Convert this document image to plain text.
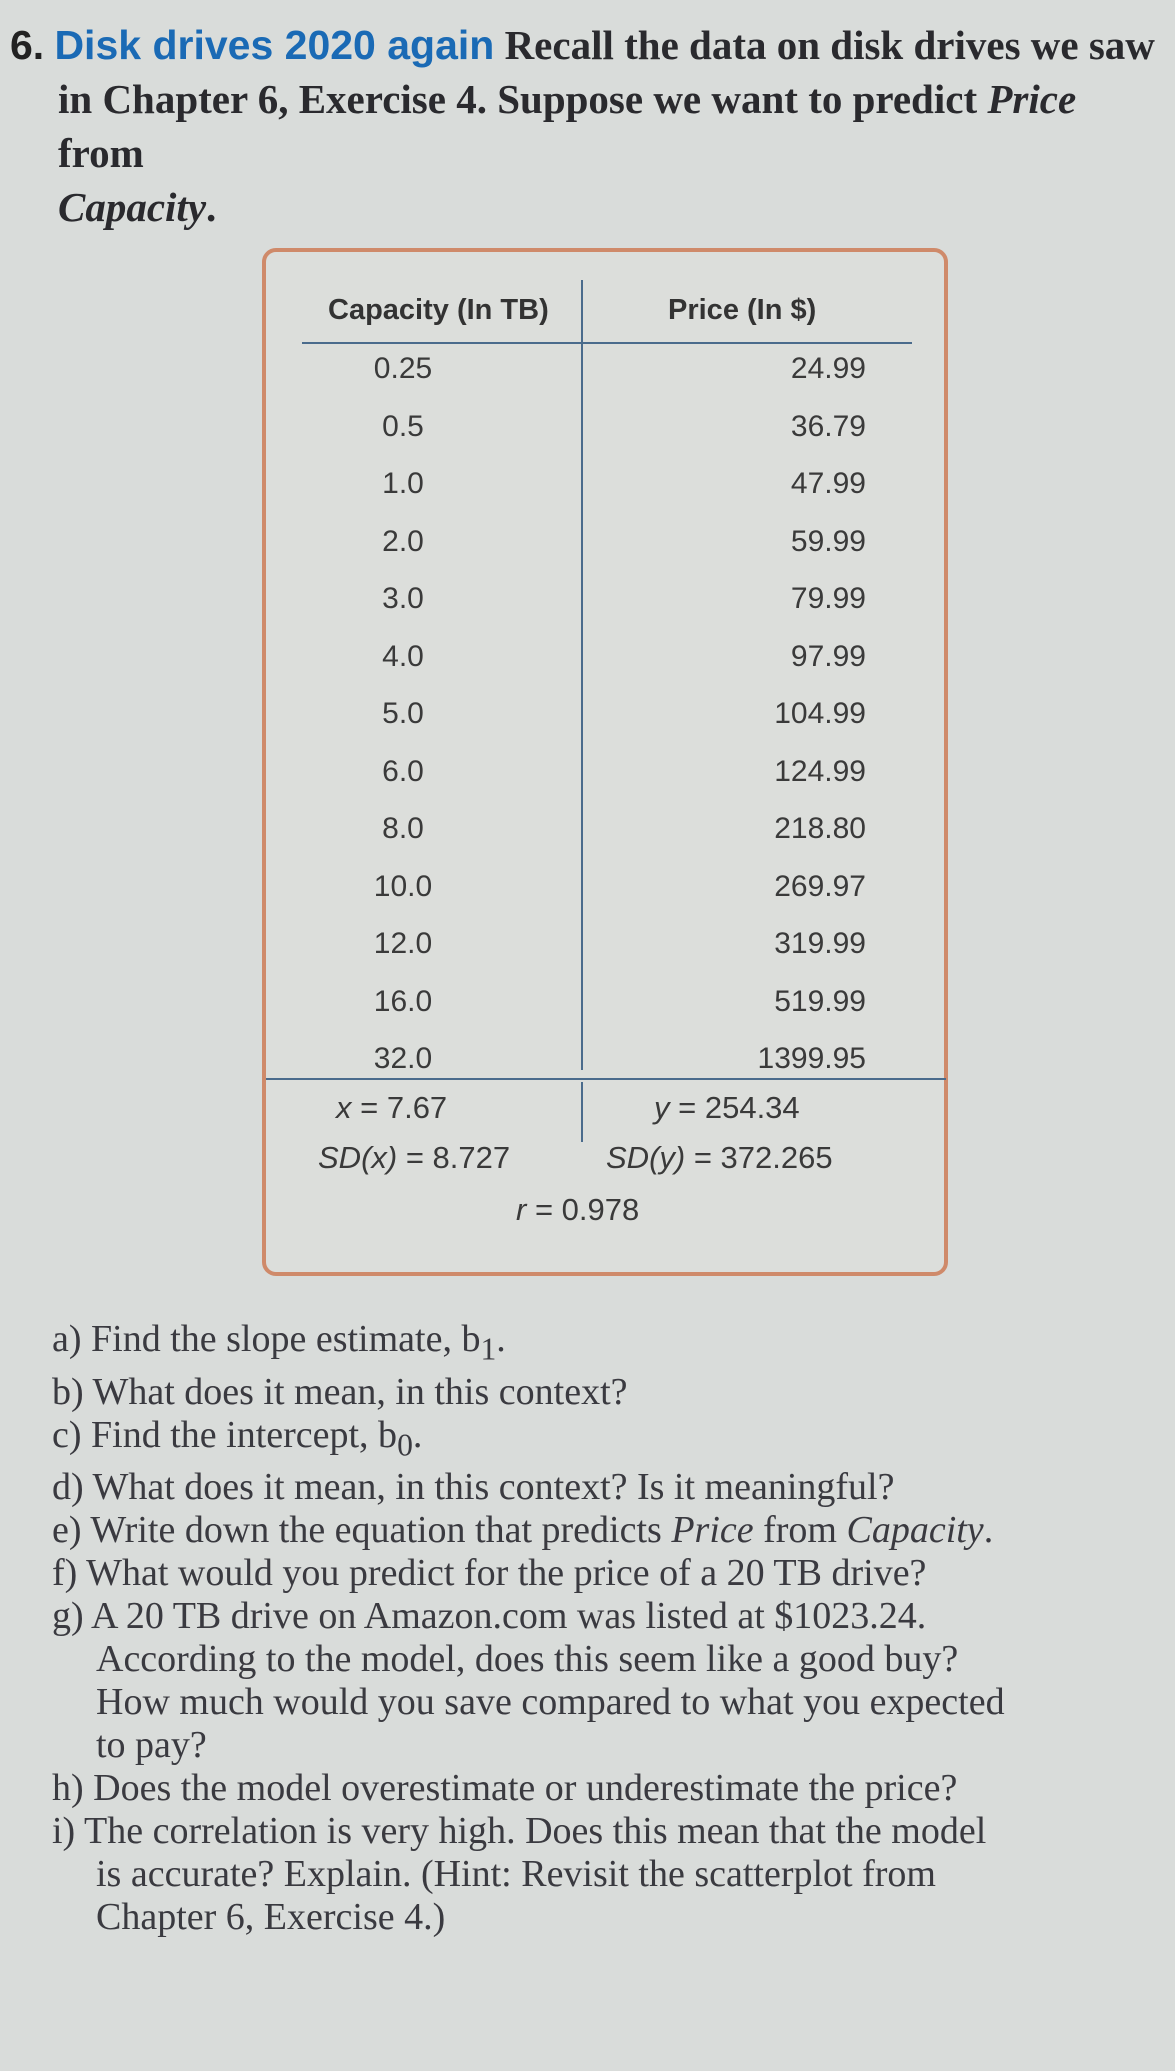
6. Disk drives 2020 again Recall the data on disk drives we saw
in Chapter 6, Exercise 4. Suppose we want to predict Price from
Capacity.
Capacity (In TB)	Price (In $)
0.25	24.99
0.5	36.79
1.0	47.99
2.0	59.99
3.0	79.99
4.0	97.99
5.0	104.99
6.0	124.99
8.0	218.80
10.0	269.97
12.0	319.99
16.0	519.99
32.0	1399.95
x = 7.67	y = 254.34
SD(x) = 8.727	SD(y) = 372.265
r = 0.978
a) Find the slope estimate, $b_1$.
b) What does it mean, in this context?
c) Find the intercept, $b_0$.
d) What does it mean, in this context? Is it meaningful?
e) Write down the equation that predicts Price from Capacity.
f) What would you predict for the price of a 20 TB drive?
g) A 20 TB drive on Amazon.com was listed at $1023.24.
According to the model, does this seem like a good buy?
How much would you save compared to what you expected
to pay?
h) Does the model overestimate or underestimate the price?
i) The correlation is very high. Does this mean that the model
is accurate? Explain. (Hint: Revisit the scatterplot from
Chapter 6, Exercise 4.)
